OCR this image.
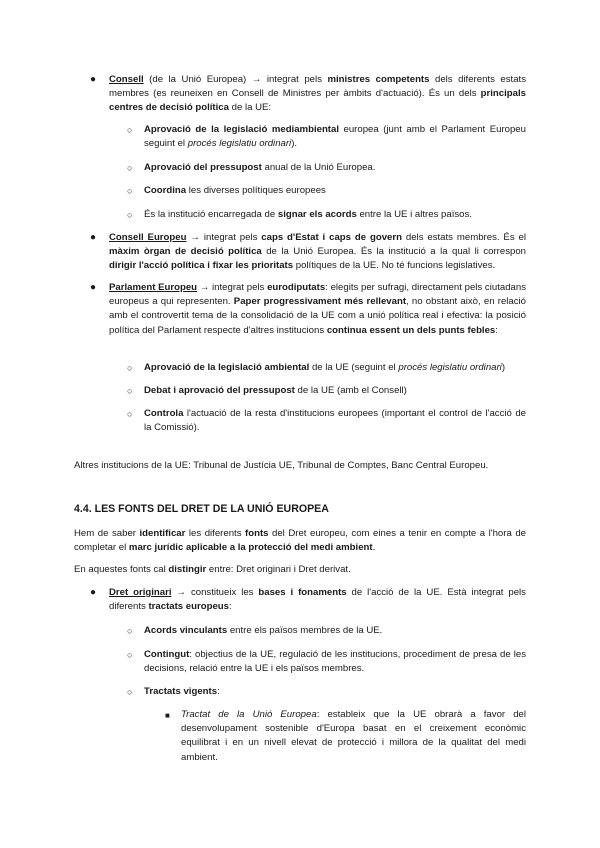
● Consell (de la Unió Europea) → integrat pels ministres competents dels diferents estats membres (es reuneixen en Consell de Ministres per àmbits d'actuació). És un dels principals centres de decisió política de la UE:
○ Aprovació de la legislació mediambiental europea (junt amb el Parlament Europeu seguint el procés legislatiu ordinari).
○ Aprovació del pressupost anual de la Unió Europea.
○ Coordina les diverses polítiques europees
○ És la institució encarregada de signar els acords entre la UE i altres països.
● Consell Europeu → integrat pels caps d'Estat i caps de govern dels estats membres. És el màxim òrgan de decisió política de la Unió Europea. És la institució a la qual li correspon dirigir l'acció política i fixar les prioritats polítiques de la UE. No té funcions legislatives.
● Parlament Europeu → integrat pels eurodiputats: elegits per sufragi, directament pels ciutadans europeus a qui representen. Paper progressivament més rellevant, no obstant això, en relació amb el controvertit tema de la consolidació de la UE com a unió política real i efectiva: la posició política del Parlament respecte d'altres institucions continua essent un dels punts febles:
○ Aprovació de la legislació ambiental de la UE (seguint el procés legislatiu ordinari)
○ Debat i aprovació del pressupost de la UE (amb el Consell)
○ Controla l'actuació de la resta d'institucions europees (important el control de l'acció de la Comissió).
Altres institucions de la UE: Tribunal de Justícia UE, Tribunal de Comptes, Banc Central Europeu.
4.4. LES FONTS DEL DRET DE LA UNIÓ EUROPEA
Hem de saber identificar les diferents fonts del Dret europeu, com eines a tenir en compte a l'hora de completar el marc jurídic aplicable a la protecció del medi ambient.
En aquestes fonts cal distingir entre: Dret originari i Dret derivat.
● Dret originari → constitueix les bases i fonaments de l'acció de la UE. Està integrat pels diferents tractats europeus:
○ Acords vinculants entre els països membres de la UE.
○ Contingut: objectius de la UE, regulació de les institucions, procediment de presa de les decisions, relació entre la UE i els països membres.
○ Tractats vigents:
■ Tractat de la Unió Europea: estableix que la UE obrarà a favor del desenvolupament sostenible d'Europa basat en el creixement econòmic equilibrat i en un nivell elevat de protecció i millora de la qualitat del medi ambient.
